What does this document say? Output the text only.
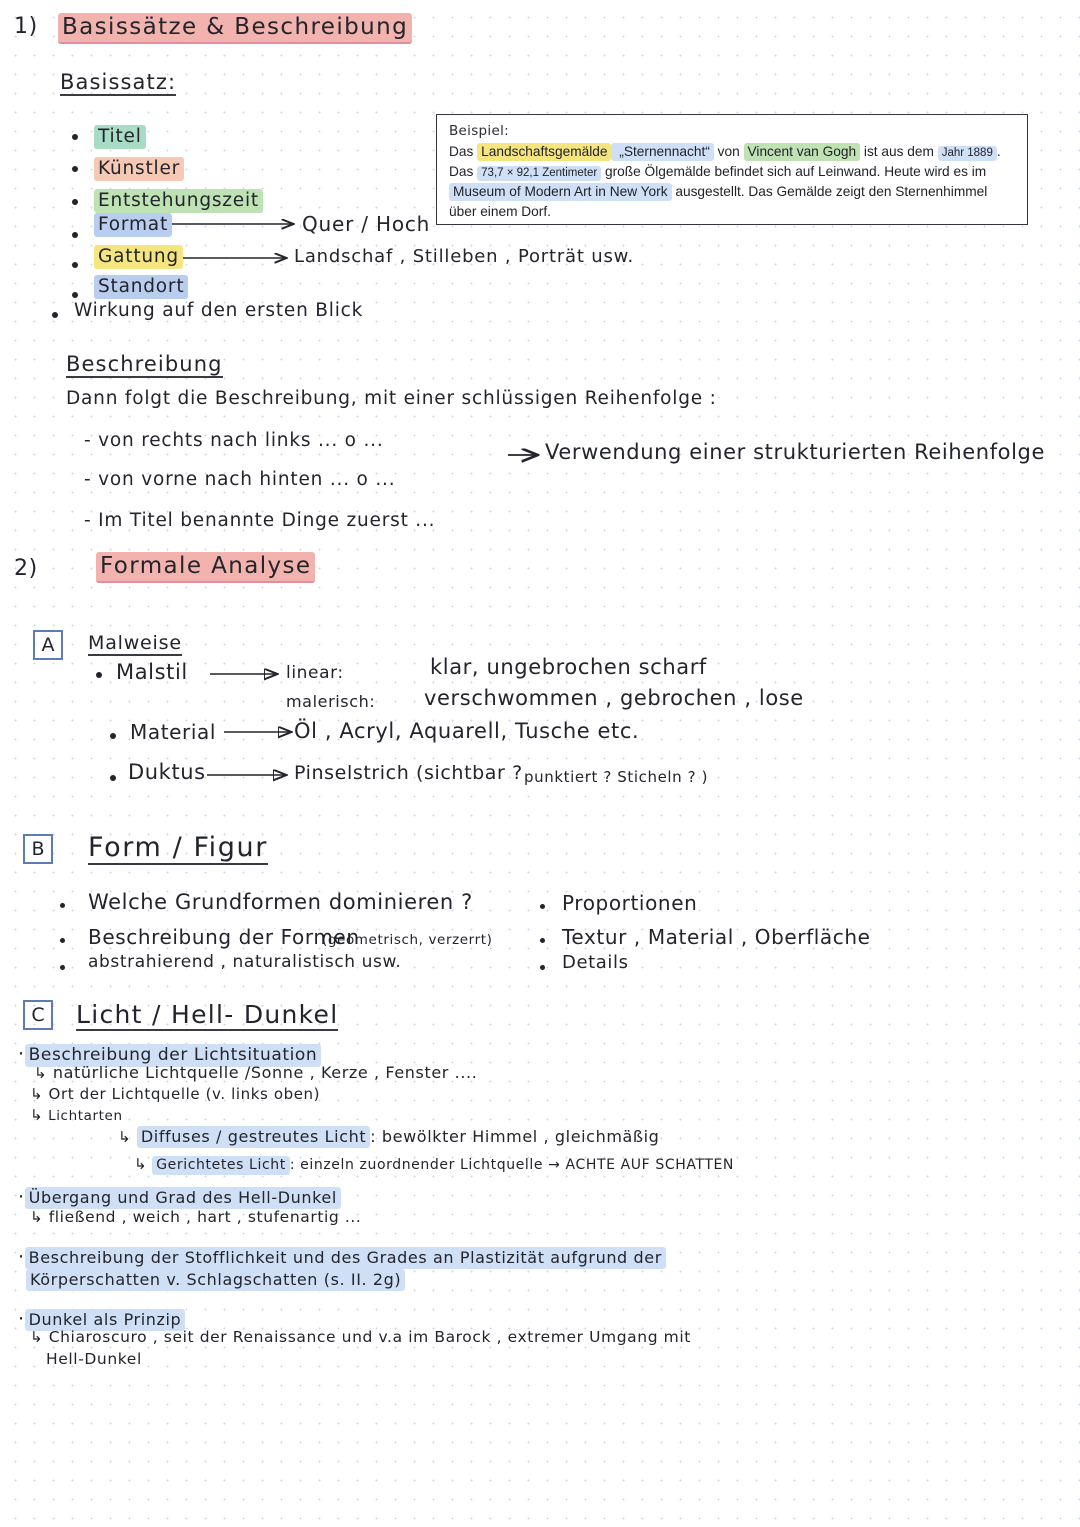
1) Basissätze & Beschreibung
Basissatz:
Titel
Künstler
Entstehungszeit
Format
Gattung
Standort
Wirkung auf den ersten Blick
Quer / Hoch
Landschaf , Stilleben , Porträt usw.
Beispiel:
Das Landschaftsgemälde „Sternennacht“ von Vincent van Gogh ist aus dem Jahr 1889 . Das 73,7 × 92,1 Zentimeter große Ölgemälde befindet sich auf Leinwand. Heute wird es im Museum of Modern Art in New York ausgestellt. Das Gemälde zeigt den Sternenhimmel über einem Dorf.
Beschreibung
Dann folgt die Beschreibung, mit einer schlüssigen Reihenfolge :
- von rechts nach links ... o ...
- von vorne nach hinten ... o ...
- Im Titel benannte Dinge zuerst ...
Verwendung einer strukturierten Reihenfolge
2)	Formale Analyse
A	Malweise
Malstil
Material
Duktus
linear:	klar, ungebrochen scharf
malerisch: verschwommen , gebrochen , lose
Öl , Acryl, Aquarell, Tusche etc.
Pinselstrich (sichtbar ? punktiert ? Sticheln ? )
B	Form / Figur
Welche Grundformen dominieren ?
Beschreibung der Formen
(geometrisch, verzerrt)
abstrahierend , naturalistisch usw.
Proportionen
Textur , Material , Oberfläche
Details
C	Licht / Hell- Dunkel
· Beschreibung der Lichtsituation
↳ natürliche Lichtquelle /Sonne , Kerze , Fenster ....
↳ Ort der Lichtquelle (v. links oben)
↳ Lichtarten
↳ Diffuses / gestreutes Licht : bewölkter Himmel , gleichmäßig
↳ Gerichtetes Licht : einzeln zuordnender Lichtquelle → ACHTE AUF SCHATTEN
· Übergang und Grad des Hell-Dunkel
↳ fließend , weich , hart , stufenartig ...
· Beschreibung der Stofflichkeit und des Grades an Plastizität aufgrund der
Körperschatten v. Schlagschatten (s. II. 2g)
· Dunkel als Prinzip
↳ Chiaroscuro , seit der Renaissance und v.a im Barock , extremer Umgang mit
Hell-Dunkel
